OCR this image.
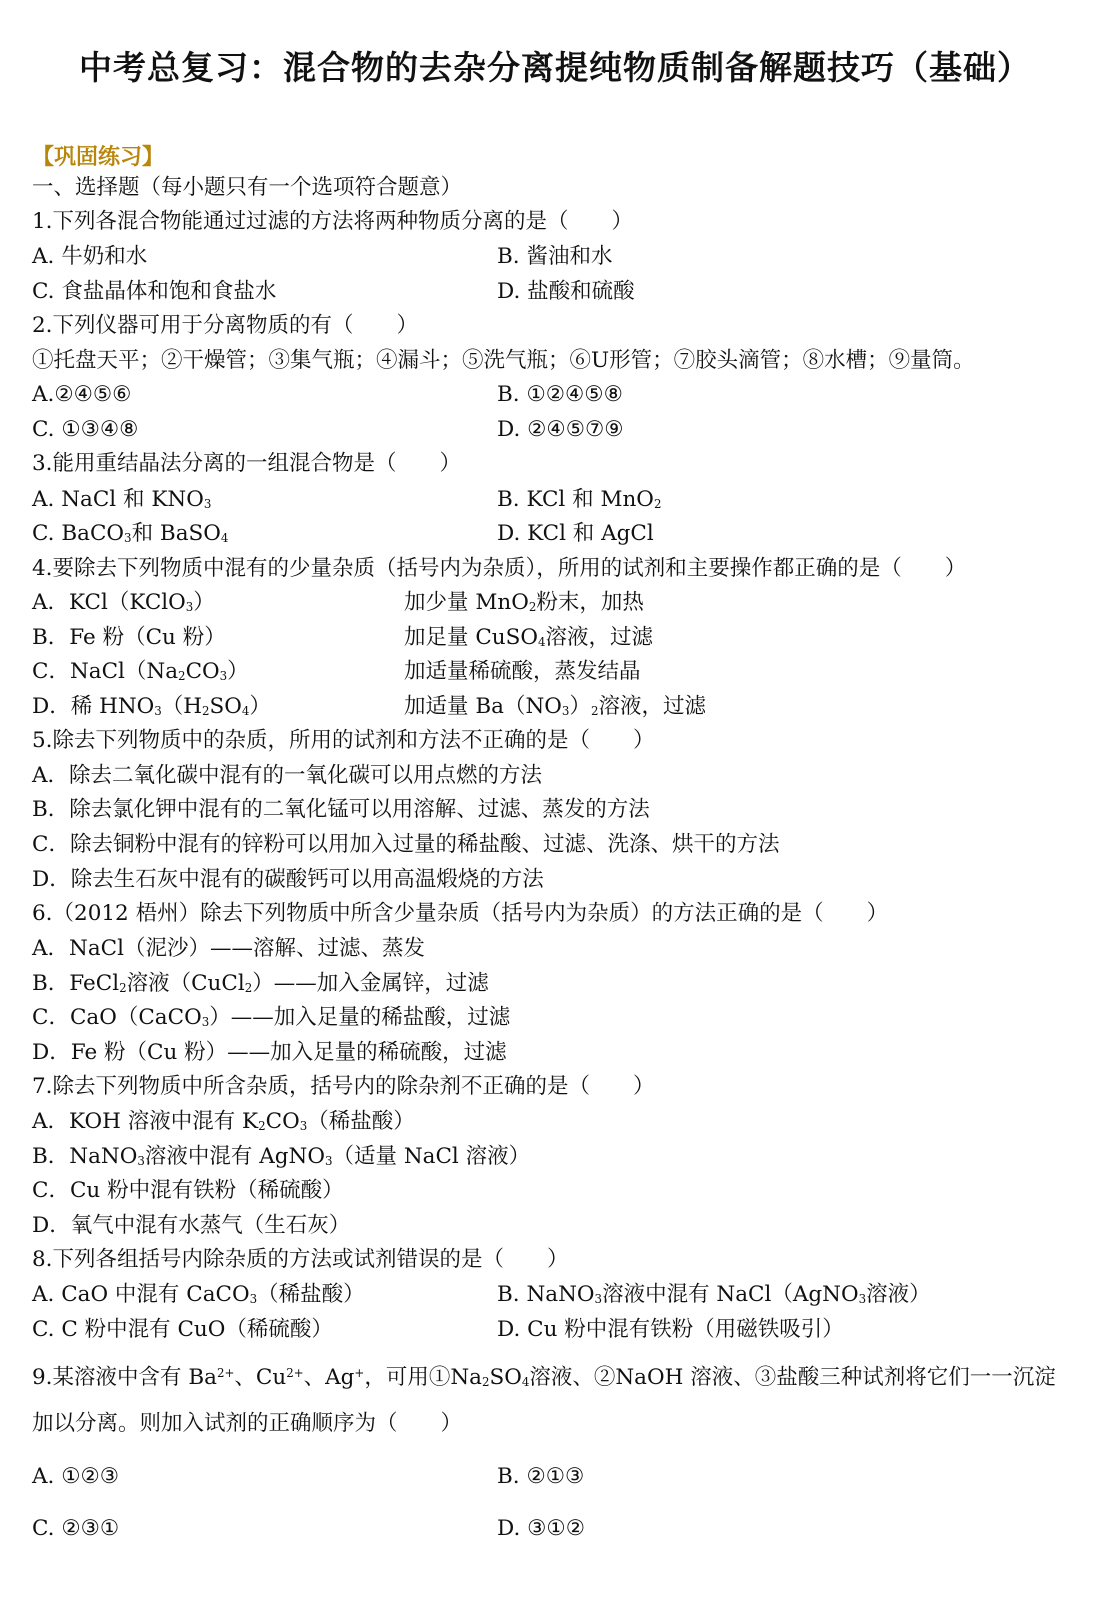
中考总复习：混合物的去杂分离提纯物质制备解题技巧（基础）
【巩固练习】
一、选择题（每小题只有一个选项符合题意）
1.下列各混合物能通过过滤的方法将两种物质分离的是（　　）
A. 牛奶和水	B. 酱油和水
C. 食盐晶体和饱和食盐水	D. 盐酸和硫酸
2.下列仪器可用于分离物质的有（　　）
①托盘天平；②干燥管；③集气瓶；④漏斗；⑤洗气瓶；⑥U形管；⑦胶头滴管；⑧水槽；⑨量筒。
A.②④⑤⑥	B. ①②④⑤⑧
C. ①③④⑧	D. ②④⑤⑦⑨
3.能用重结晶法分离的一组混合物是（　　）
A. NaCl 和 $KNO_3$	B. KCl 和 MnO$_2$
C. BaCO$_3$和 BaSO$_4$	D. KCl 和 AgCl
4.要除去下列物质中混有的少量杂质（括号内为杂质），所用的试剂和主要操作都正确的是（　　）
A．KCl（KClO$_3$）	加少量 MnO$_2$粉末，加热
B．Fe 粉（Cu 粉）	加足量 CuSO$_4$溶液，过滤
C．$NaCl(Na_2CO_3)$	加适量稀硫酸，蒸发结晶
D．稀 $HNO_3(H_2SO_4)$	加适量 $Ba(NO_3)_2$溶液，过滤
5.除去下列物质中的杂质，所用的试剂和方法不正确的是（　　）
A．除去二氧化碳中混有的一氧化碳可以用点燃的方法
B．除去氯化钾中混有的二氧化锰可以用溶解、过滤、蒸发的方法
C．除去铜粉中混有的锌粉可以用加入过量的稀盐酸、过滤、洗涤、烘干的方法
D．除去生石灰中混有的碳酸钙可以用高温煅烧的方法
6.（2012 梧州）除去下列物质中所含少量杂质（括号内为杂质）的方法正确的是（　　）
A．NaCl（泥沙）——溶解、过滤、蒸发
B．FeCl$_2$溶液（CuCl$_2$）——加入金属锌，过滤
C．CaO（CaCO$_3$）——加入足量的稀盐酸，过滤
D．Fe 粉（Cu 粉）——加入足量的稀硫酸，过滤
7.除去下列物质中所含杂质，括号内的除杂剂不正确的是（　　）
A．KOH 溶液中混有 $K_2CO_3$（稀盐酸）
B．NaNO$_3$溶液中混有 AgNO$_3$（适量 NaCl 溶液）
C．Cu 粉中混有铁粉（稀硫酸）
D．氧气中混有水蒸气（生石灰）
8.下列各组括号内除杂质的方法或试剂错误的是（　　）
A. CaO 中混有 CaCO$_3$（稀盐酸）	B. NaNO$_3$溶液中混有 NaCl（AgNO$_3$溶液）
C. C 粉中混有 CuO（稀硫酸）	D. Cu 粉中混有铁粉（用磁铁吸引）
9.某溶液中含有 $Ba^{2+}$、$Cu^{2+}$、Ag+，可用$①Na_2SO_4$溶液、②NaOH 溶液、③盐酸三种试剂将它们一一沉淀
加以分离。则加入试剂的正确顺序为（　　）
A. ①②③	B. ②①③
C. ②③①	D. ③①②
